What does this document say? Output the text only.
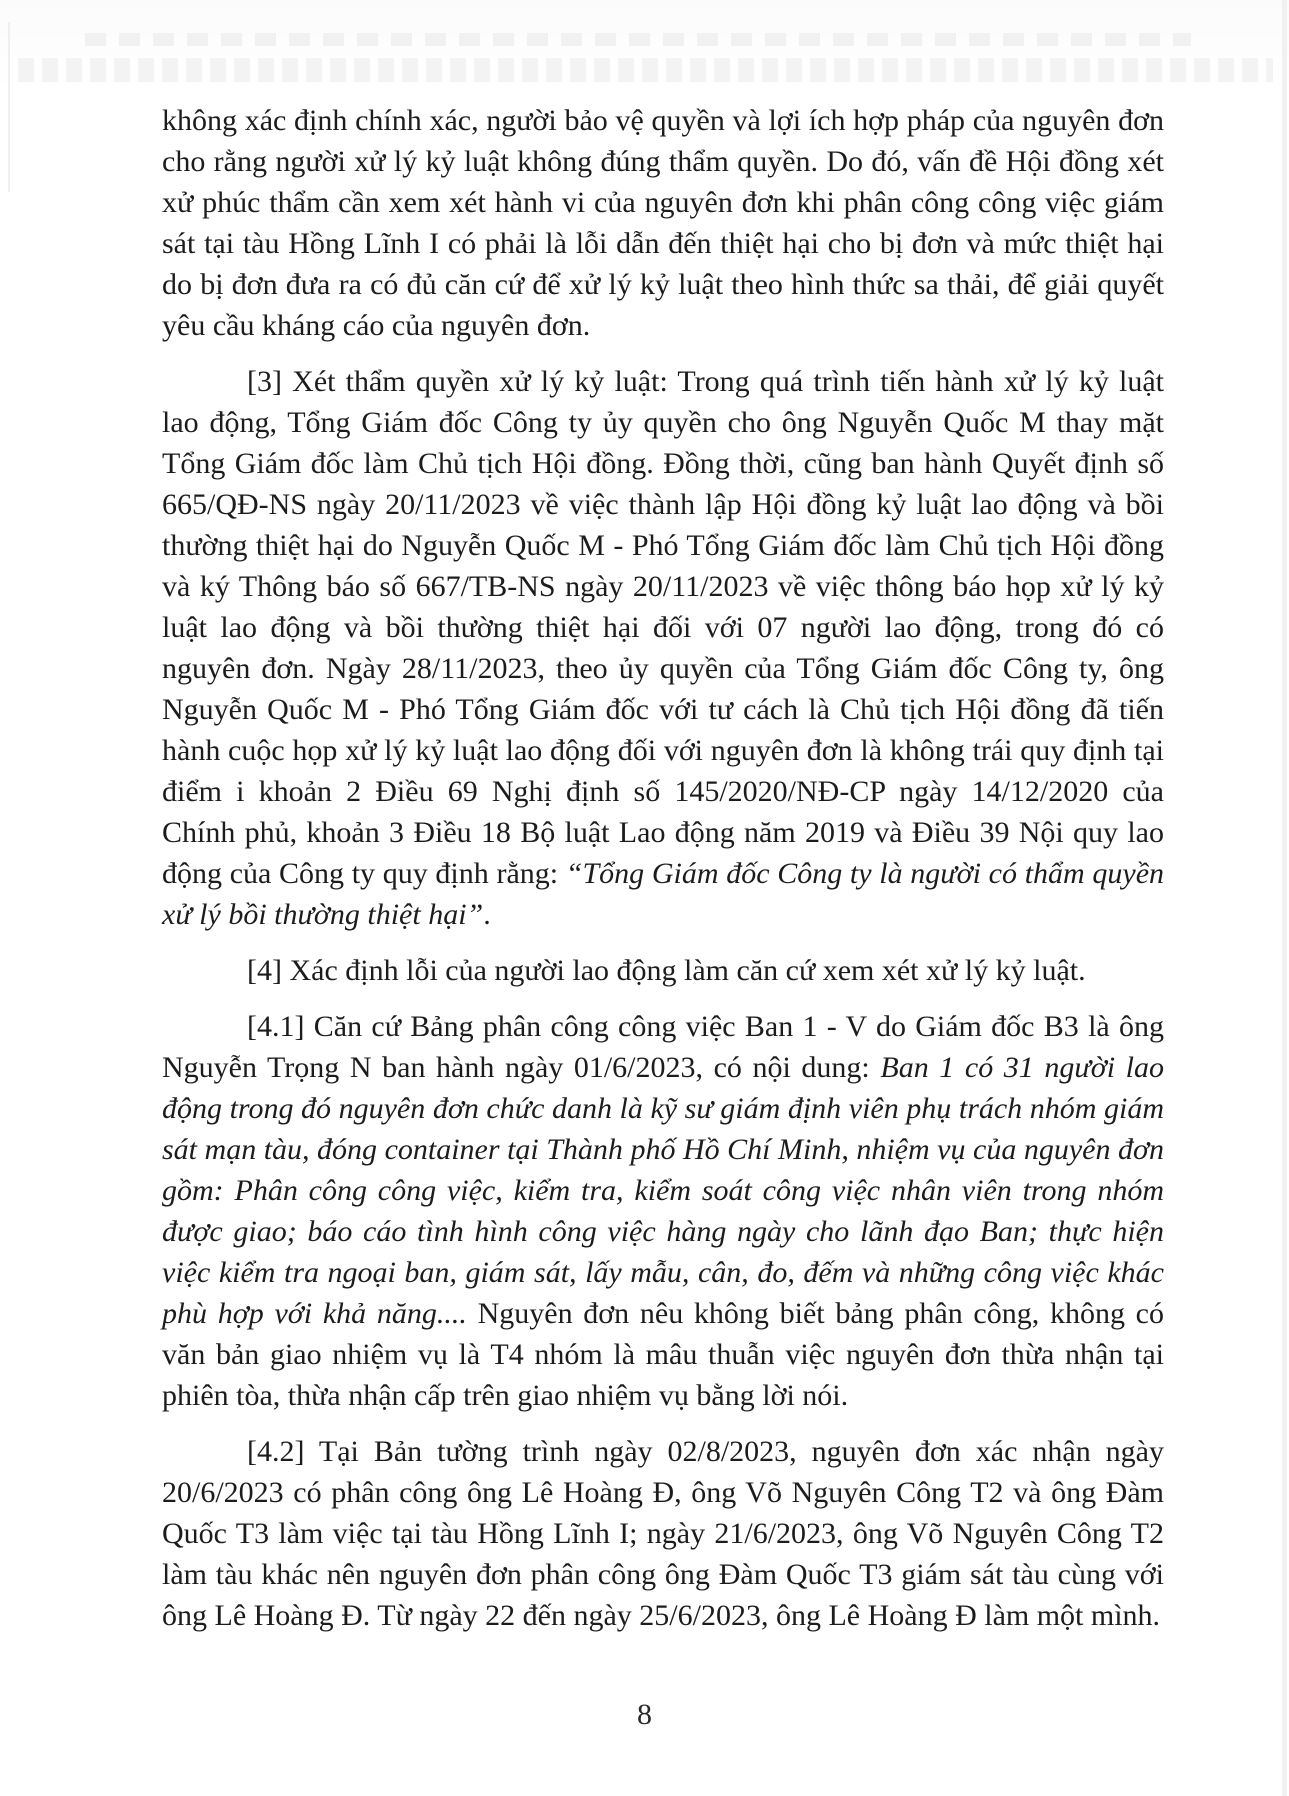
không xác định chính xác, người bảo vệ quyền và lợi ích hợp pháp của nguyên đơn cho rằng người xử lý kỷ luật không đúng thẩm quyền. Do đó, vấn đề Hội đồng xét xử phúc thẩm cần xem xét hành vi của nguyên đơn khi phân công công việc giám sát tại tàu Hồng Lĩnh I có phải là lỗi dẫn đến thiệt hại cho bị đơn và mức thiệt hại do bị đơn đưa ra có đủ căn cứ để xử lý kỷ luật theo hình thức sa thải, để giải quyết yêu cầu kháng cáo của nguyên đơn.

[3] Xét thẩm quyền xử lý kỷ luật: Trong quá trình tiến hành xử lý kỷ luật lao động, Tổng Giám đốc Công ty ủy quyền cho ông Nguyễn Quốc M thay mặt Tổng Giám đốc làm Chủ tịch Hội đồng. Đồng thời, cũng ban hành Quyết định số 665/QĐ-NS ngày 20/11/2023 về việc thành lập Hội đồng kỷ luật lao động và bồi thường thiệt hại do Nguyễn Quốc M - Phó Tổng Giám đốc làm Chủ tịch Hội đồng và ký Thông báo số 667/TB-NS ngày 20/11/2023 về việc thông báo họp xử lý kỷ luật lao động và bồi thường thiệt hại đối với 07 người lao động, trong đó có nguyên đơn. Ngày 28/11/2023, theo ủy quyền của Tổng Giám đốc Công ty, ông Nguyễn Quốc M - Phó Tổng Giám đốc với tư cách là Chủ tịch Hội đồng đã tiến hành cuộc họp xử lý kỷ luật lao động đối với nguyên đơn là không trái quy định tại điểm i khoản 2 Điều 69 Nghị định số 145/2020/NĐ-CP ngày 14/12/2020 của Chính phủ, khoản 3 Điều 18 Bộ luật Lao động năm 2019 và Điều 39 Nội quy lao động của Công ty quy định rằng: “Tổng Giám đốc Công ty là người có thẩm quyền xử lý bồi thường thiệt hại”.

[4] Xác định lỗi của người lao động làm căn cứ xem xét xử lý kỷ luật.

[4.1] Căn cứ Bảng phân công công việc Ban 1 - V do Giám đốc B3 là ông Nguyễn Trọng N ban hành ngày 01/6/2023, có nội dung: Ban 1 có 31 người lao động trong đó nguyên đơn chức danh là kỹ sư giám định viên phụ trách nhóm giám sát mạn tàu, đóng container tại Thành phố Hồ Chí Minh, nhiệm vụ của nguyên đơn gồm: Phân công công việc, kiểm tra, kiểm soát công việc nhân viên trong nhóm được giao; báo cáo tình hình công việc hàng ngày cho lãnh đạo Ban; thực hiện việc kiểm tra ngoại ban, giám sát, lấy mẫu, cân, đo, đếm và những công việc khác phù hợp với khả năng.... Nguyên đơn nêu không biết bảng phân công, không có văn bản giao nhiệm vụ là T4 nhóm là mâu thuẫn việc nguyên đơn thừa nhận tại phiên tòa, thừa nhận cấp trên giao nhiệm vụ bằng lời nói.

[4.2] Tại Bản tường trình ngày 02/8/2023, nguyên đơn xác nhận ngày 20/6/2023 có phân công ông Lê Hoàng Đ, ông Võ Nguyên Công T2 và ông Đàm Quốc T3 làm việc tại tàu Hồng Lĩnh I; ngày 21/6/2023, ông Võ Nguyên Công T2 làm tàu khác nên nguyên đơn phân công ông Đàm Quốc T3 giám sát tàu cùng với ông Lê Hoàng Đ. Từ ngày 22 đến ngày 25/6/2023, ông Lê Hoàng Đ làm một mình.

8
